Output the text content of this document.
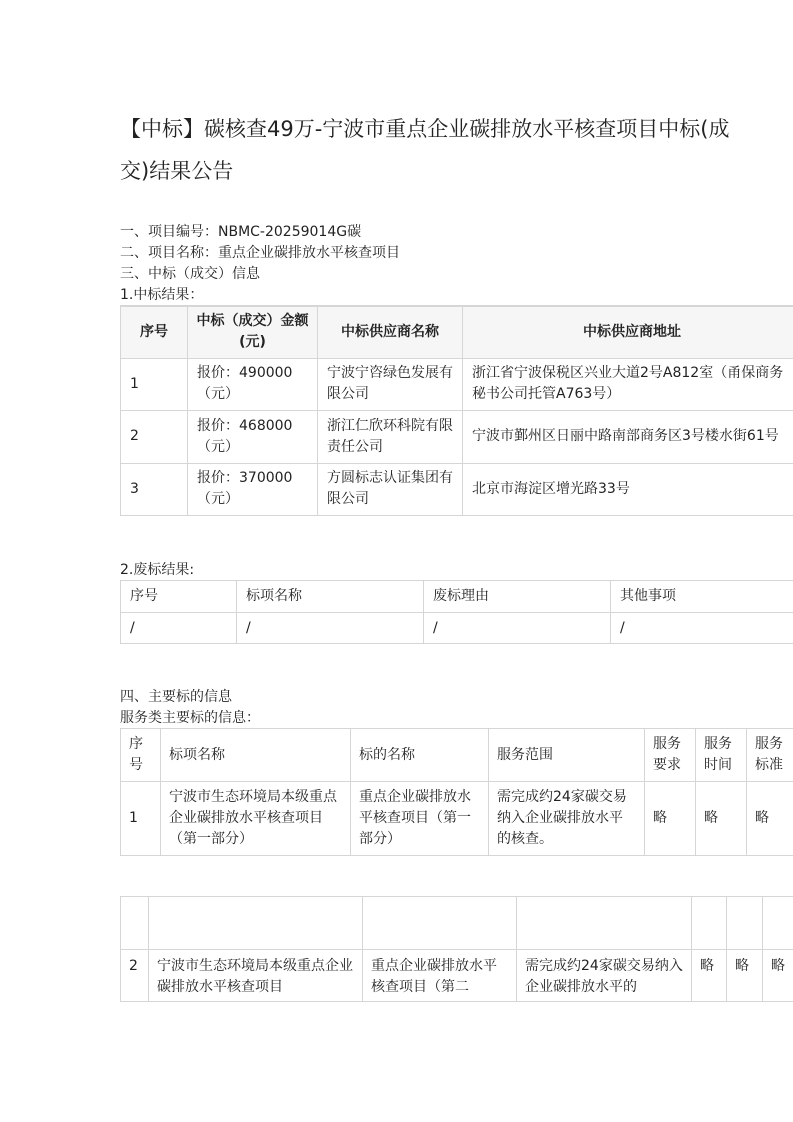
【中标】碳核查49万-宁波市重点企业碳排放水平核查项目中标(成交)结果公告
一、项目编号：NBMC-20259014G碳
二、项目名称：重点企业碳排放水平核查项目
三、中标（成交）信息
1.中标结果：
序号	中标（成交）金额(元)	中标供应商名称	中标供应商地址
1	报价：490000（元）	宁波宁咨绿色发展有限公司	浙江省宁波保税区兴业大道2号A812室（甬保商务秘书公司托管A763号）
2	报价：468000（元）	浙江仁欣环科院有限责任公司	宁波市鄞州区日丽中路南部商务区3号楼水街61号
3	报价：370000（元）	方圆标志认证集团有限公司	北京市海淀区增光路33号
2.废标结果:
序号	标项名称	废标理由	其他事项
/	/	/	/
四、主要标的信息
服务类主要标的信息：
序号	标项名称	标的名称	服务范围	服务要求	服务时间	服务标准
1	宁波市生态环境局本级重点企业碳排放水平核查项目（第一部分）	重点企业碳排放水平核查项目（第一部分）	需完成约24家碳交易纳入企业碳排放水平的核查。	略	略	略

2	宁波市生态环境局本级重点企业碳排放水平核查项目	重点企业碳排放水平核查项目（第二	需完成约24家碳交易纳入企业碳排放水平的	略	略	略
